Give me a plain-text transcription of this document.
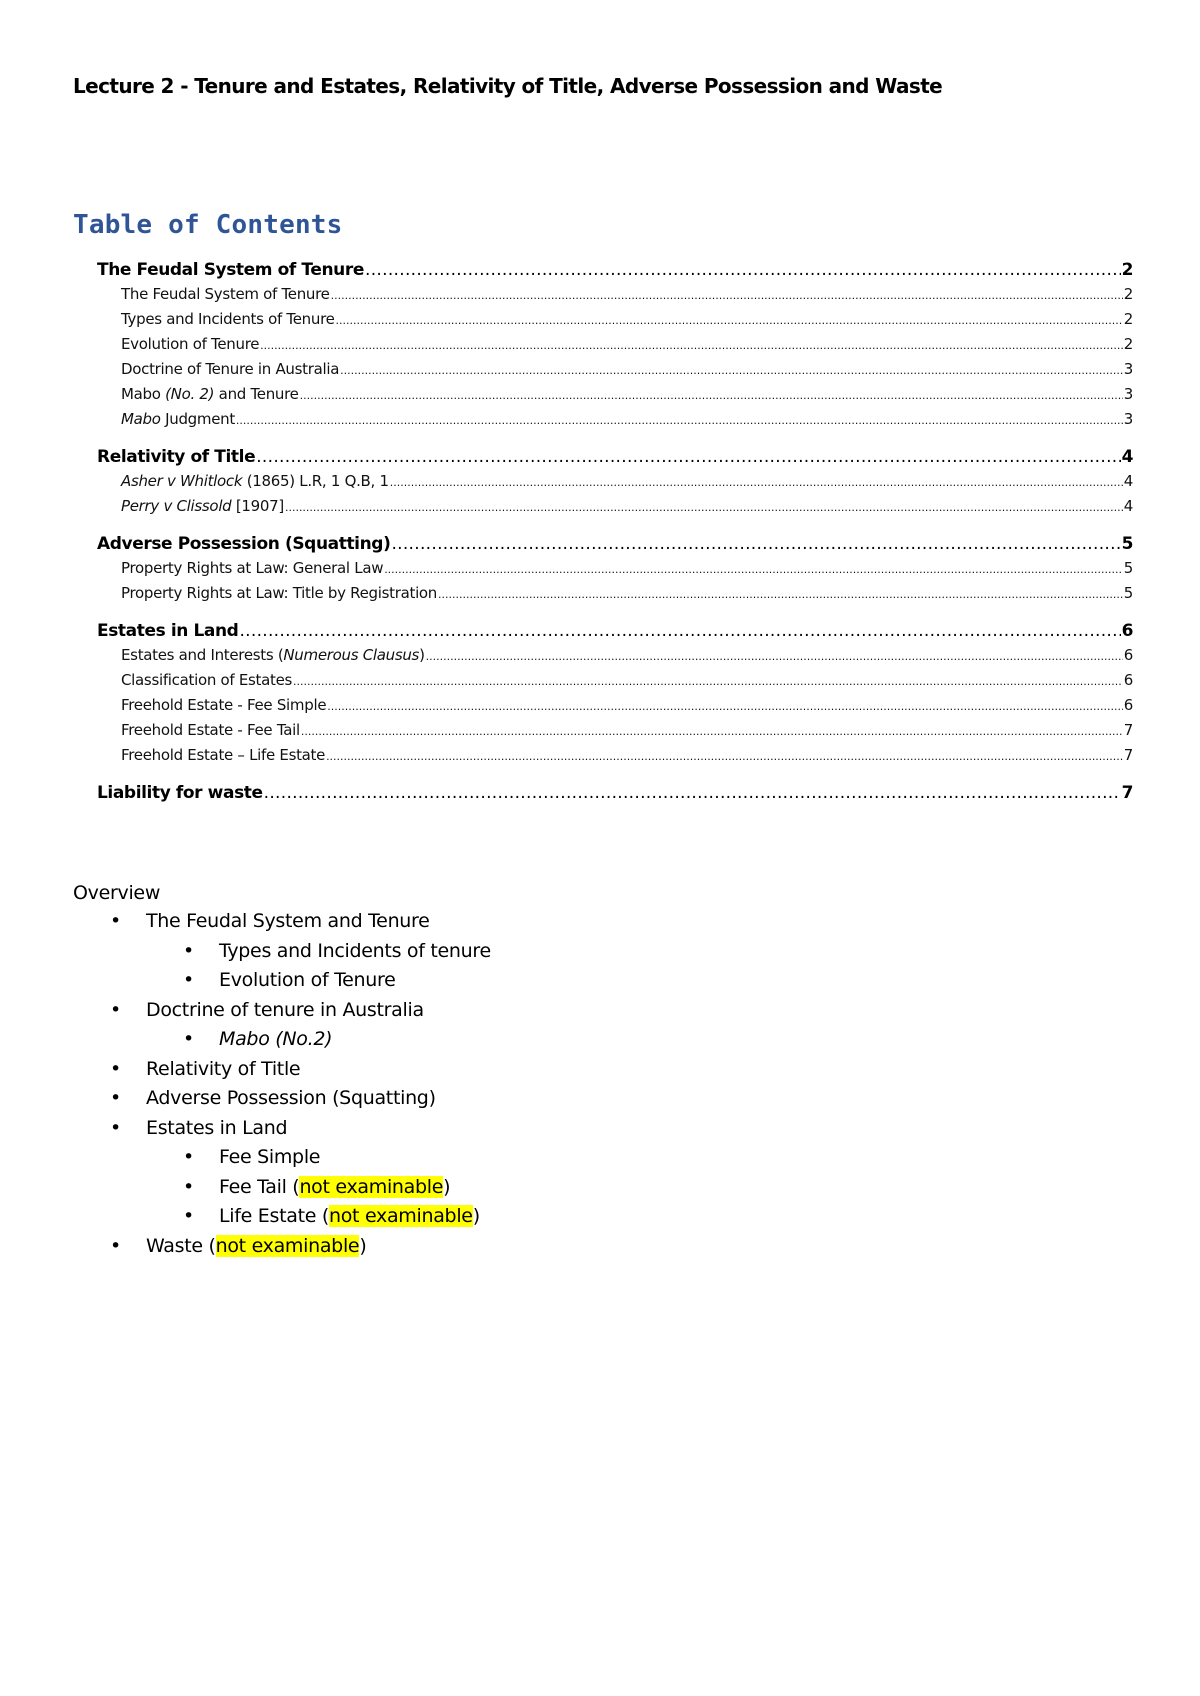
Lecture 2 - Tenure and Estates, Relativity of Title, Adverse Possession and Waste
Table of Contents
The Feudal System of Tenure .....	2
The Feudal System of Tenure .....	2
Types and Incidents of Tenure .....	2
Evolution of Tenure .....	2
Doctrine of Tenure in Australia .....	3
Mabo (No. 2) and Tenure .....	3
Mabo Judgment .....	3
Relativity of Title .....	4
Asher v Whitlock (1865) L.R, 1 Q.B, 1 .....	4
Perry v Clissold [1907] .....	4
Adverse Possession (Squatting) .....	5
Property Rights at Law: General Law .....	5
Property Rights at Law: Title by Registration .....	5
Estates in Land .....	6
Estates and Interests (Numerous Clausus) .....	6
Classification of Estates .....	6
Freehold Estate - Fee Simple .....	6
Freehold Estate - Fee Tail .....	7
Freehold Estate – Life Estate .....	7
Liability for waste .....	7
Overview
• The Feudal System and Tenure
• Types and Incidents of tenure
• Evolution of Tenure
• Doctrine of tenure in Australia
• Mabo (No.2)
• Relativity of Title
• Adverse Possession (Squatting)
• Estates in Land
• Fee Simple
• Fee Tail (not examinable)
• Life Estate (not examinable)
• Waste (not examinable)
